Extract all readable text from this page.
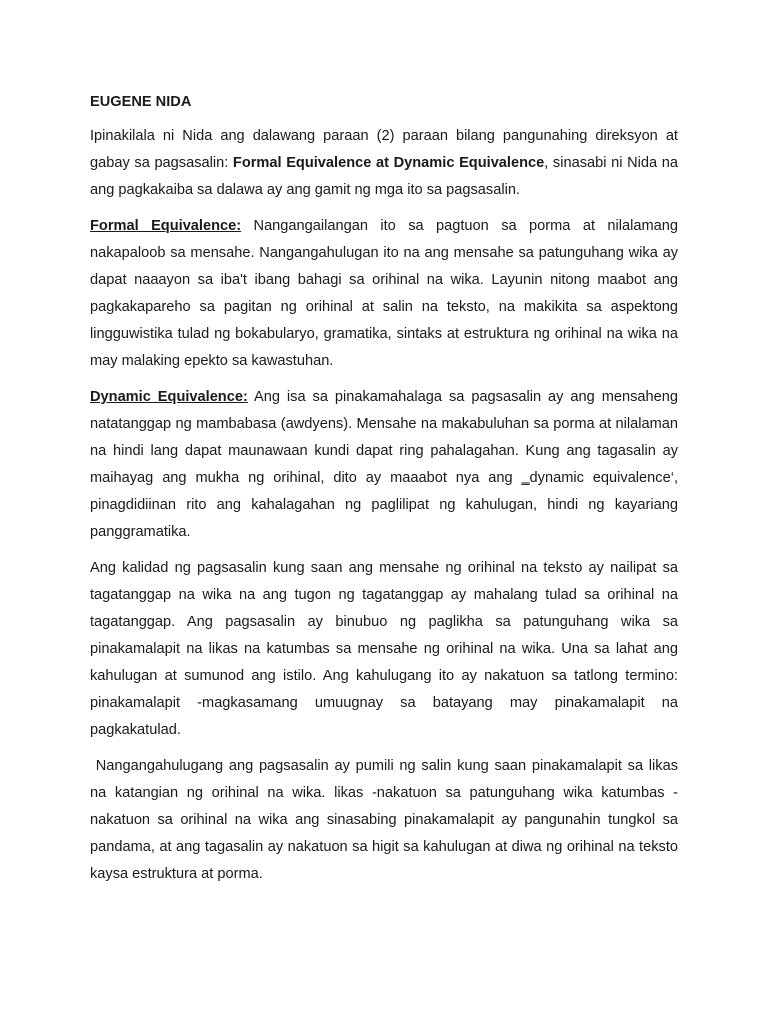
EUGENE NIDA

Ipinakilala ni Nida ang dalawang paraan (2) paraan bilang pangunahing direksyon at gabay sa pagsasalin: Formal Equivalence at Dynamic Equivalence, sinasabi ni Nida na ang pagkakaiba sa dalawa ay ang gamit ng mga ito sa pagsasalin.

Formal Equivalence: Nangangailangan ito sa pagtuon sa porma at nilalamang nakapaloob sa mensahe. Nangangahulugan ito na ang mensahe sa patunguhang wika ay dapat naaayon sa iba't ibang bahagi sa orihinal na wika. Layunin nitong maabot ang pagkakapareho sa pagitan ng orihinal at salin na teksto, na makikita sa aspektong lingguwistika tulad ng bokabularyo, gramatika, sintaks at estruktura ng orihinal na wika na may malaking epekto sa kawastuhan.

Dynamic Equivalence: Ang isa sa pinakamahalaga sa pagsasalin ay ang mensaheng natatanggap ng mambabasa (awdyens). Mensahe na makabuluhan sa porma at nilalaman na hindi lang dapat maunawaan kundi dapat ring pahalagahan. Kung ang tagasalin ay maihayag ang mukha ng orihinal, dito ay maaabot nya ang ‗dynamic equivalence‘, pinagdidiinan rito ang kahalagahan ng paglilipat ng kahulugan, hindi ng kayariang panggramatika.

Ang kalidad ng pagsasalin kung saan ang mensahe ng orihinal na teksto ay nailipat sa tagatanggap na wika na ang tugon ng tagatanggap ay mahalang tulad sa orihinal na tagatanggap. Ang pagsasalin ay binubuo ng paglikha sa patunguhang wika sa pinakamalapit na likas na katumbas sa mensahe ng orihinal na wika. Una sa lahat ang kahulugan at sumunod ang istilo. Ang kahulugang ito ay nakatuon sa tatlong termino: pinakamalapit -magkasamang umuugnay sa batayang may pinakamalapit na pagkakatulad.

Nangangahulugang ang pagsasalin ay pumili ng salin kung saan pinakamalapit sa likas na katangian ng orihinal na wika. likas -nakatuon sa patunguhang wika katumbas -nakatuon sa orihinal na wika ang sinasabing pinakamalapit ay pangunahin tungkol sa pandama, at ang tagasalin ay nakatuon sa higit sa kahulugan at diwa ng orihinal na teksto kaysa estruktura at porma.
